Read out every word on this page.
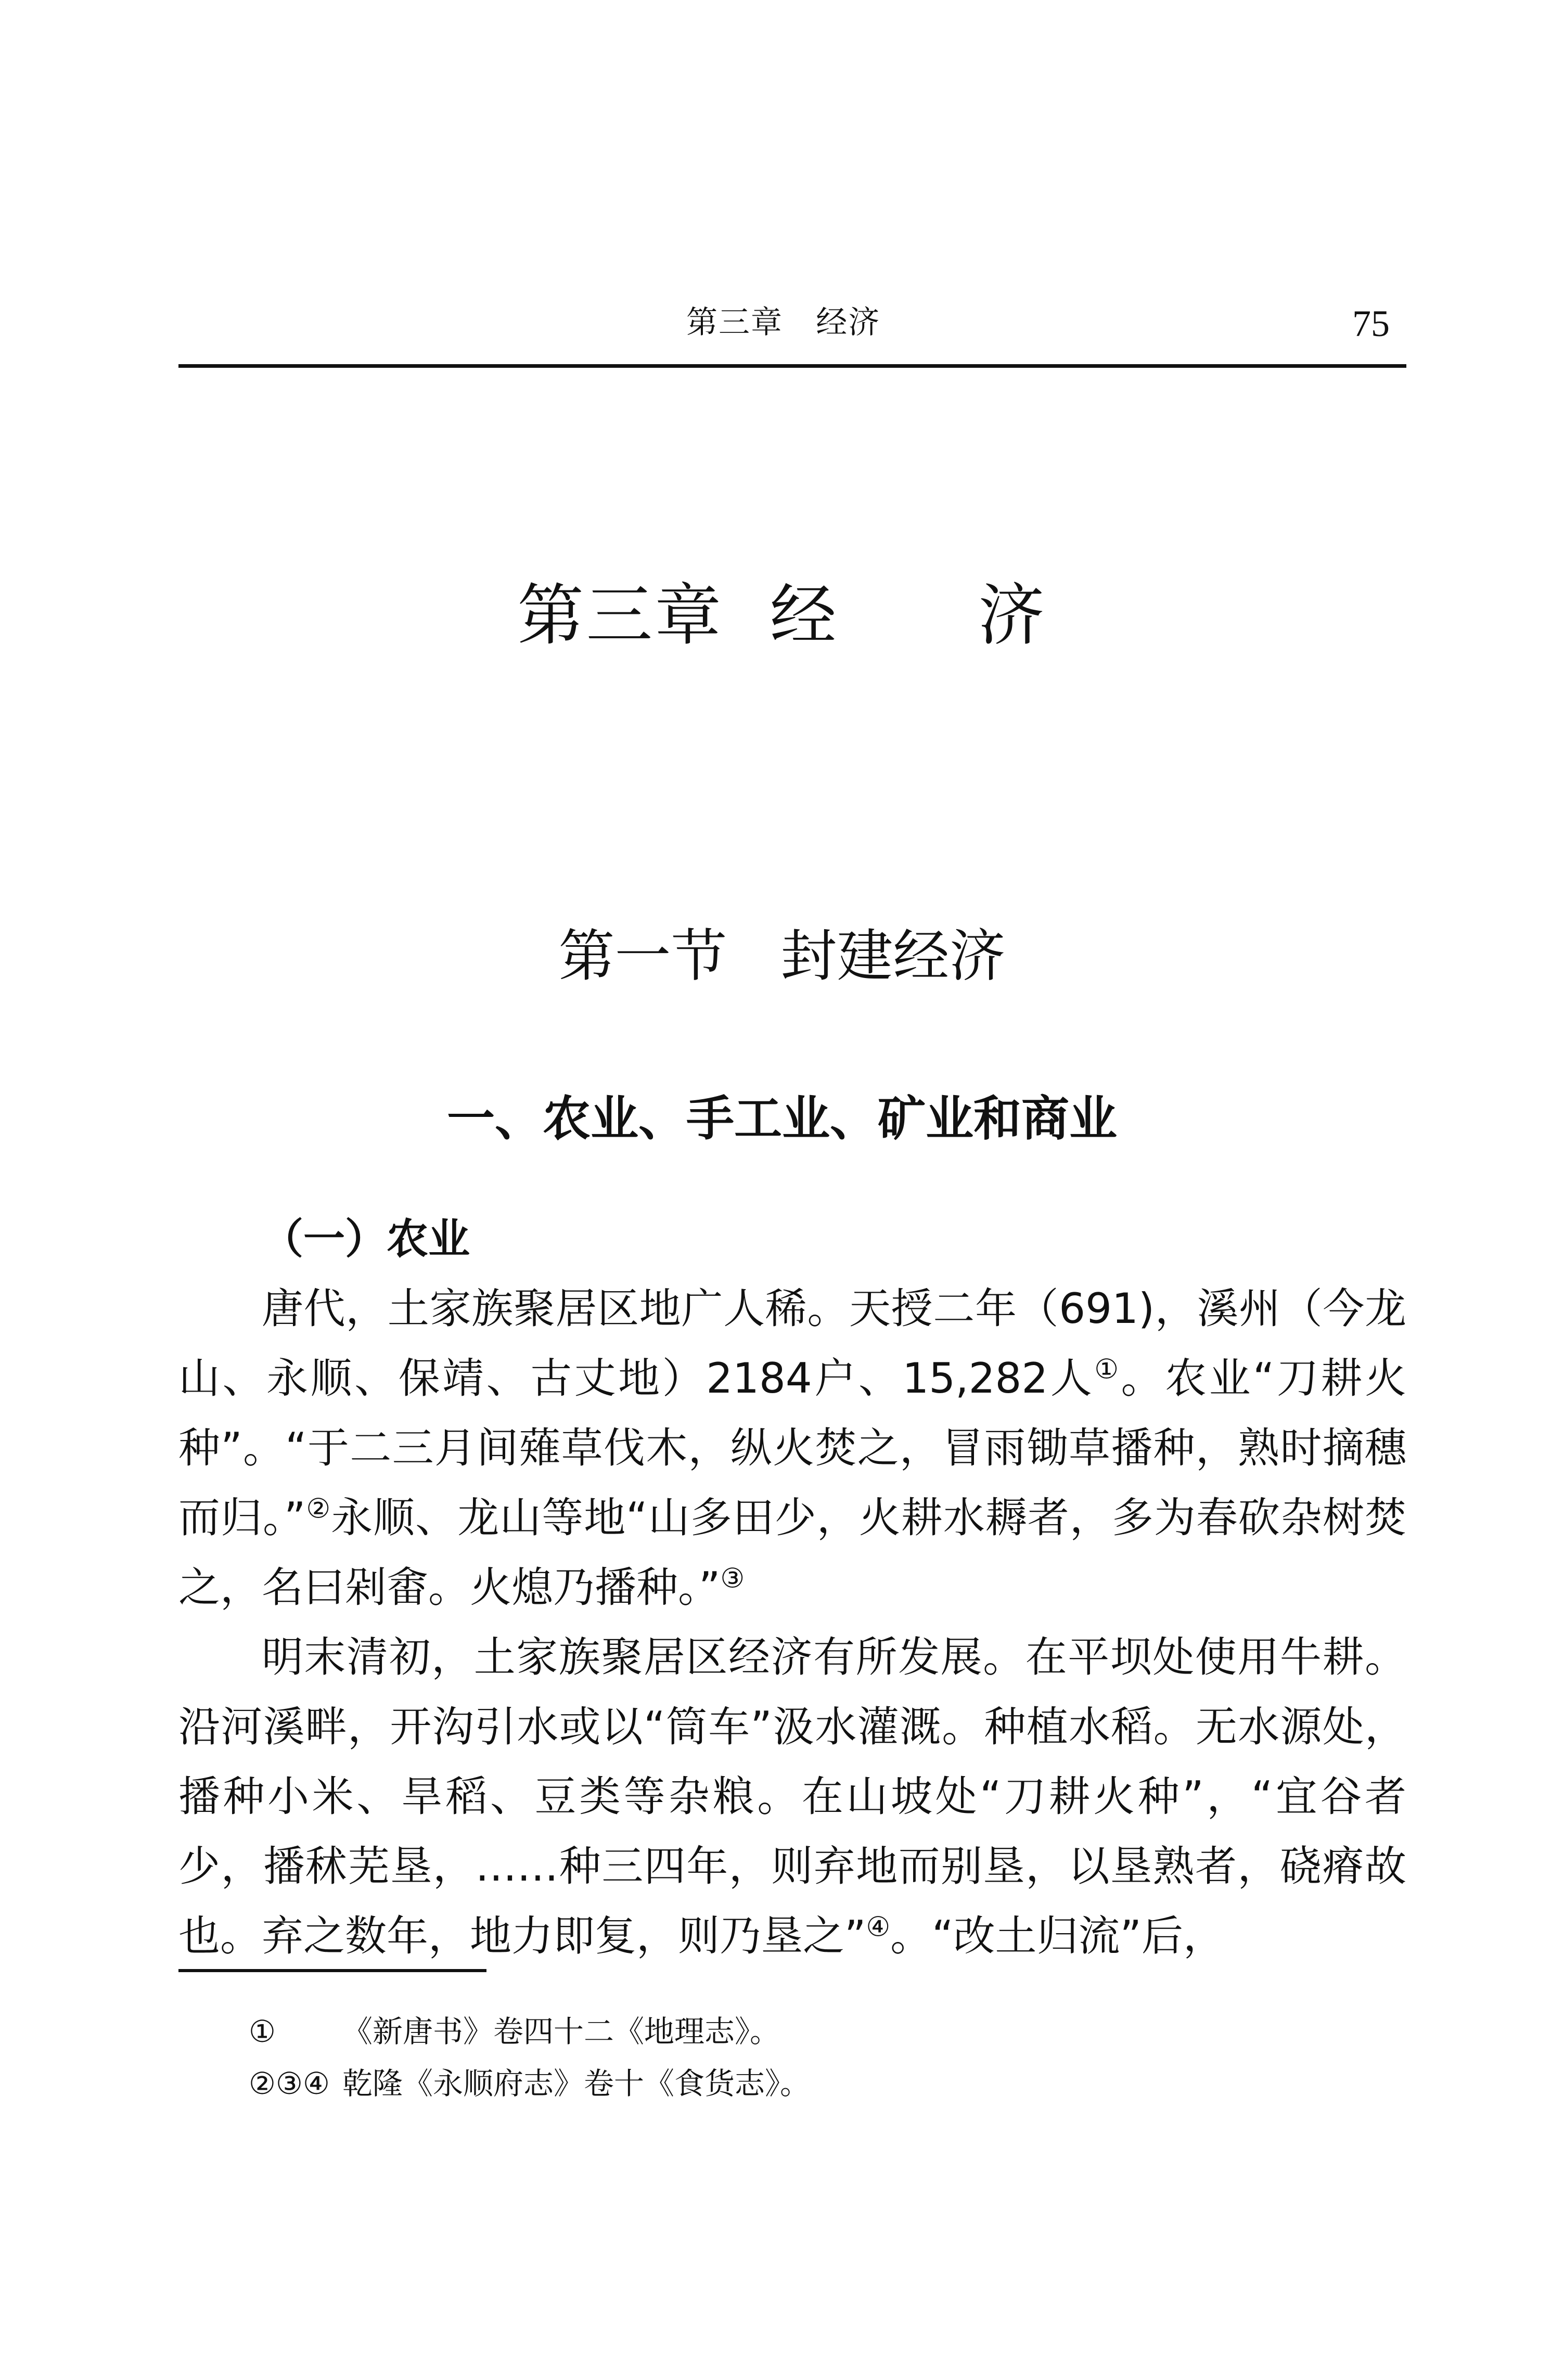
第三章   经济	75
第三章  经      济
第一节   封建经济
一、农业、手工业、矿业和商业

（一）农业

唐代，土家族聚居区地广人稀。天授二年（691)，溪州（今龙山、永顺、保靖、古丈地）2184户、15,282人①。农业“刀耕火种”。“于二三月间薙草伐木，纵火焚之，冒雨锄草播种，熟时摘穗而归。”②永顺、龙山等地“山多田少，火耕水耨者，多为春砍杂树焚之，名曰剁畬。火熄乃播种。”③

明末清初，土家族聚居区经济有所发展。在平坝处使用牛耕。沿河溪畔，开沟引水或以“筒车”汲水灌溉。种植水稻。无水源处，播种小米、旱稻、豆类等杂粮。在山坡处“刀耕火种”，“宜谷者少，播秫芜垦，……种三四年，则弃地而别垦，以垦熟者，硗瘠故也。弃之数年，地力即复，则乃垦之”④。“改土归流”后，

① 《新唐书》卷四十二《地理志》。
②③④ 乾隆《永顺府志》卷十《食货志》。
